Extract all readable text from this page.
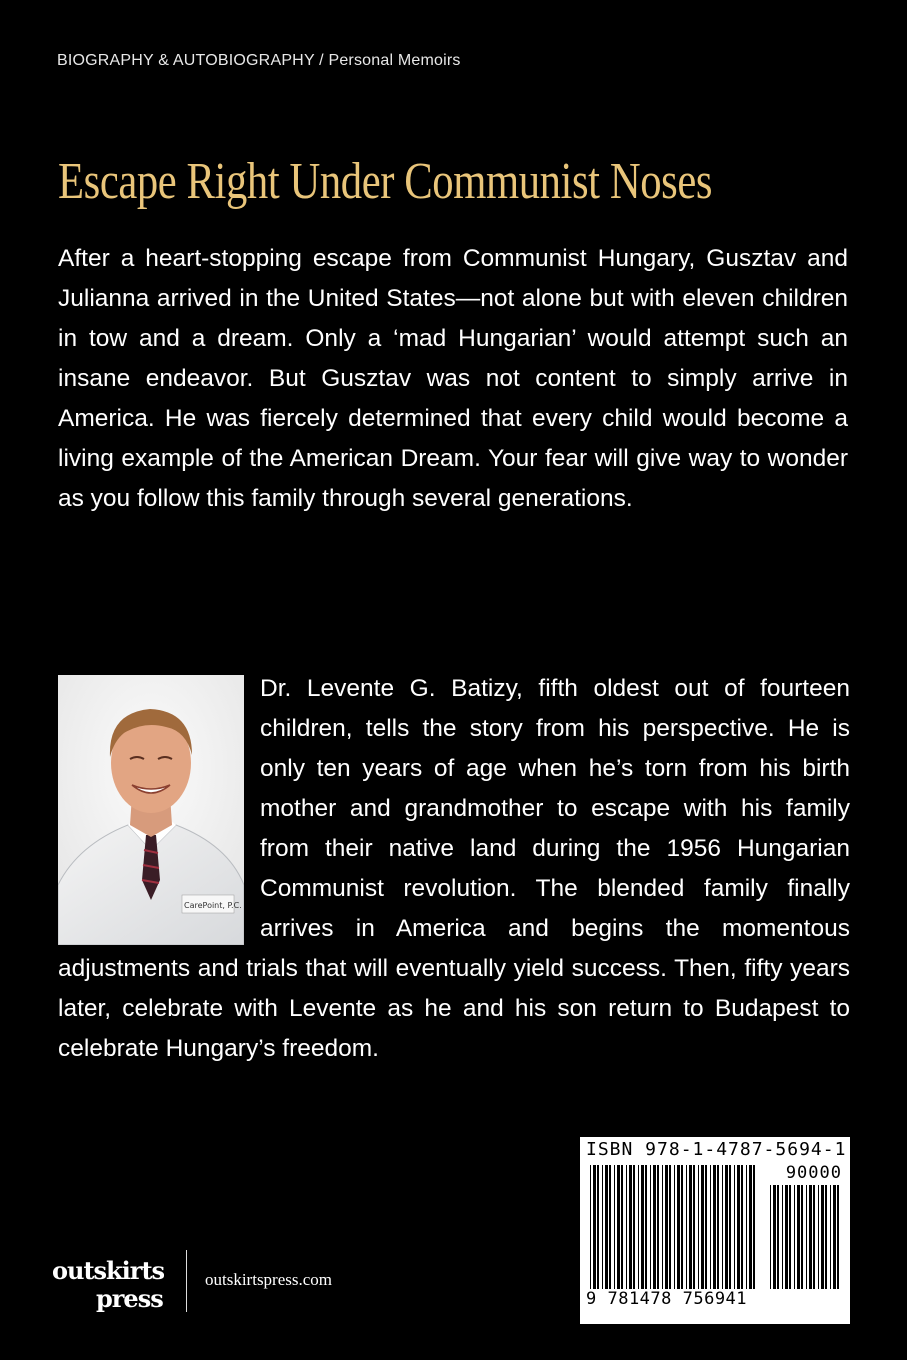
BIOGRAPHY & AUTOBIOGRAPHY / Personal Memoirs
Escape Right Under Communist Noses

After a heart-stopping escape from Communist Hungary, Gusztav and Julianna arrived in the United States—not alone but with eleven children in tow and a dream. Only a ‘mad Hungarian’ would attempt such an insane endeavor. But Gusztav was not content to simply arrive in America. He was fiercely determined that every child would become a living example of the American Dream. Your fear will give way to wonder as you follow this family through several generations.

CarePoint, P.C.
Dr. Levente G. Batizy, fifth oldest out of fourteen children, tells the story from his perspective. He is only ten years of age when he’s torn from his birth mother and grandmother to escape with his family from their native land during the 1956 Hungarian Communist revolution. The blended family finally arrives in America and begins the momentous adjustments and trials that will eventually yield success. Then, fifty years later, celebrate with Levente as he and his son return to Budapest to celebrate Hungary’s freedom.
ISBN 978-1-4787-5694-1
90000
9 781478 756941
outskirts
press
outskirtspress.com
